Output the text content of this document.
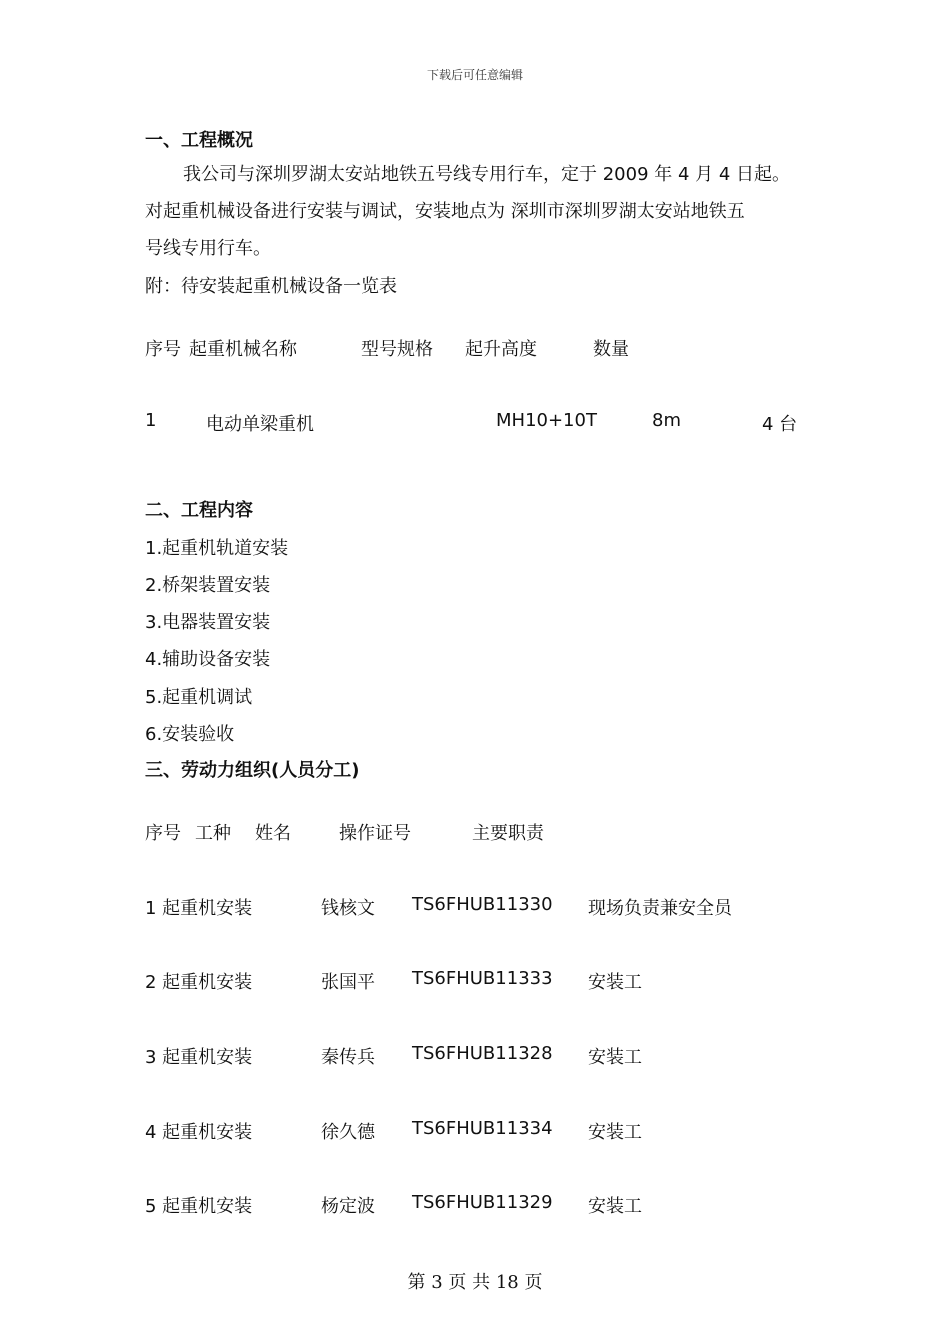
下载后可任意编辑
一、工程概况
我公司与深圳罗湖太安站地铁五号线专用行车，定于 2009 年 4 月 4 日起。
对起重机械设备进行安装与调试，安装地点为 深圳市深圳罗湖太安站地铁五
号线专用行车。
附：待安装起重机械设备一览表
序号 起重机械名称	型号规格 起升高度	数量
1	电动单梁重机	MH10+10T	8m	4 台
二、工程内容
1.起重机轨道安装
2.桥架装置安装
3.电器装置安装
4.辅助设备安装
5.起重机调试
6.安装验收
三、劳动力组织(人员分工)
序号 工种 姓名	操作证号	主要职责
1 起重机安装	钱核文 TS6FHUB11330 现场负责兼安全员
2 起重机安装	张国平 TS6FHUB11333 安装工
3 起重机安装	秦传兵 TS6FHUB11328 安装工
4 起重机安装	徐久德 TS6FHUB11334 安装工
5 起重机安装	杨定波 TS6FHUB11329 安装工
第 3 页 共 18 页
